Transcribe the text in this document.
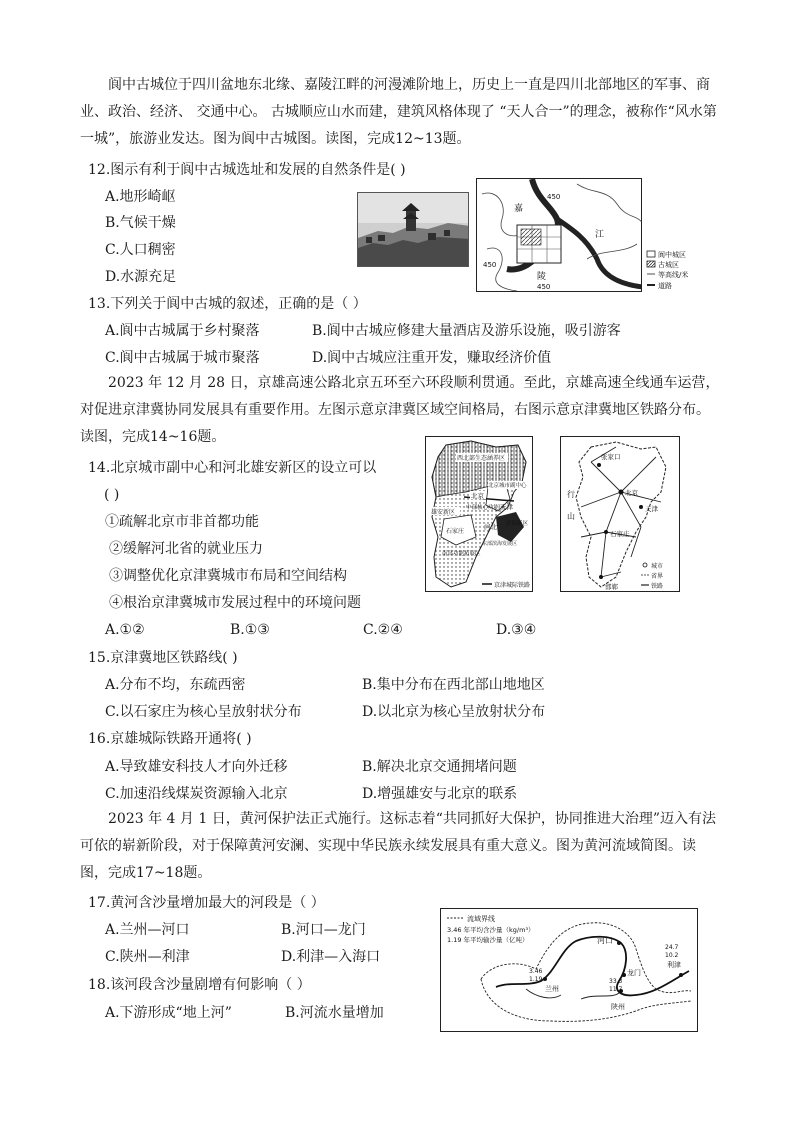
阆中古城位于四川盆地东北缘、嘉陵江畔的河漫滩阶地上，历史上一直是四川北部地区的军事、商业、政治、经济、 交通中心。 古城顺应山水而建，建筑风格体现了 “天人合一”的理念，被称作“风水第一城”，旅游业发达。图为阆中古城图。读图，完成12~13题。
12.图示有利于阆中古城选址和发展的自然条件是( )
A.地形崎岖
B.气候干燥
C.人口稠密
D.水源充足
嘉
陵
江
450
450
450
阆中城区
古城区
等高线/米
道路
13.下列关于阆中古城的叙述，正确的是（ ）
A.阆中古城属于乡村聚落	B.阆中古城应修建大量酒店及游乐设施，吸引游客
C.阆中古城属于城市聚落	D.阆中古城应注重开发，赚取经济价值
2023 年 12 月 28 日，京雄高速公路北京五环至六环段顺利贯通。至此，京雄高速全线通车运营，对促进京津冀协同发展具有重要作用。左图示意京津冀区域空间格局，右图示意京津冀地区铁路分布。读图，完成14~16题。
14.北京城市副中心和河北雄安新区的设立可以
( )
①疏解北京市非首都功能
②缓解河北省的就业压力
③调整优化京津冀城市布局和空间结构
④根治京津冀城市发展过程中的环境问题
A.①②	B.①③	C.②④	D.③④
西北部生态涵养区
北京
北京城市副中心
天津
雄安新区
中部核心功能区
滨海新区
河北
石家庄
东部滨海发展区
南部功能拓展区
京津城际铁路
张家口
北京
天津
行
山
石家庄
邯郸
城市
省界
铁路
15.京津冀地区铁路线( )
A.分布不均，东疏西密	B.集中分布在西北部山地地区
C.以石家庄为核心呈放射状分布	D.以北京为核心呈放射状分布
16.京雄城际铁路开通将( )
A.导致雄安科技人才向外迁移	B.解决北京交通拥堵问题
C.加速沿线煤炭资源输入北京	D.增强雄安与北京的联系
2023 年 4 月 1 日，黄河保护法正式施行。这标志着“共同抓好大保护，协同推进大治理”迈入有法可依的崭新阶段，对于保障黄河安澜、实现中华民族永续发展具有重大意义。图为黄河流域简图。读图，完成17~18题。
17.黄河含沙量增加最大的河段是（ ）
A.兰州—河口	B.河口—龙门
C.陕州—利津	D.利津—入海口
18.该河段含沙量剧增有何影响（ ）
A.下游形成“地上河”	B.河流水量增加
流域界线
3.46 年平均含沙量（kg/m³）
1.19 年平均输沙量（亿吨）	河口
兰州
龙门
陕州
利津
3.46
1.19	33.3
11.7
24.7
10.2
